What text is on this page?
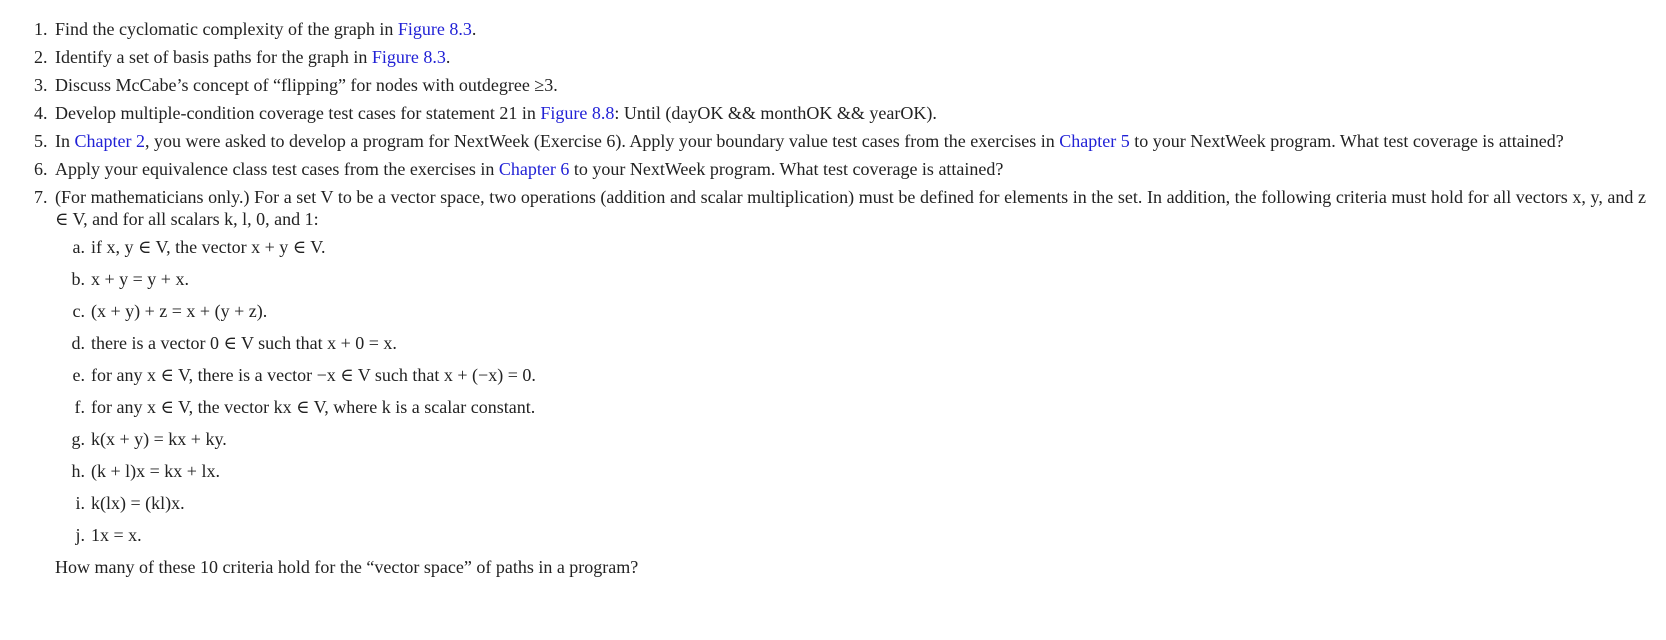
1. Find the cyclomatic complexity of the graph in Figure 8.3.
2. Identify a set of basis paths for the graph in Figure 8.3.
3. Discuss McCabe’s concept of “flipping” for nodes with outdegree ≥3.
4. Develop multiple-condition coverage test cases for statement 21 in Figure 8.8: Until (dayOK && monthOK && yearOK).
5. In Chapter 2, you were asked to develop a program for NextWeek (Exercise 6). Apply your boundary value test cases from the exercises in Chapter 5 to your NextWeek program. What test coverage is attained?
6. Apply your equivalence class test cases from the exercises in Chapter 6 to your NextWeek program. What test coverage is attained?
7. (For mathematicians only.) For a set V to be a vector space, two operations (addition and scalar multiplication) must be defined for elements in the set. In addition, the following criteria must hold for all vectors x, y, and z ∈ V, and for all scalars k, l, 0, and 1:
a. if x, y ∈ V, the vector x + y ∈ V.
b. x + y = y + x.
c. (x + y) + z = x + (y + z).
d. there is a vector 0 ∈ V such that x + 0 = x.
e. for any x ∈ V, there is a vector −x ∈ V such that x + (−x) = 0.
f. for any x ∈ V, the vector kx ∈ V, where k is a scalar constant.
g. k(x + y) = kx + ky.
h. (k + l)x = kx + lx.
i. k(lx) = (kl)x.
j. 1x = x.
How many of these 10 criteria hold for the “vector space” of paths in a program?
